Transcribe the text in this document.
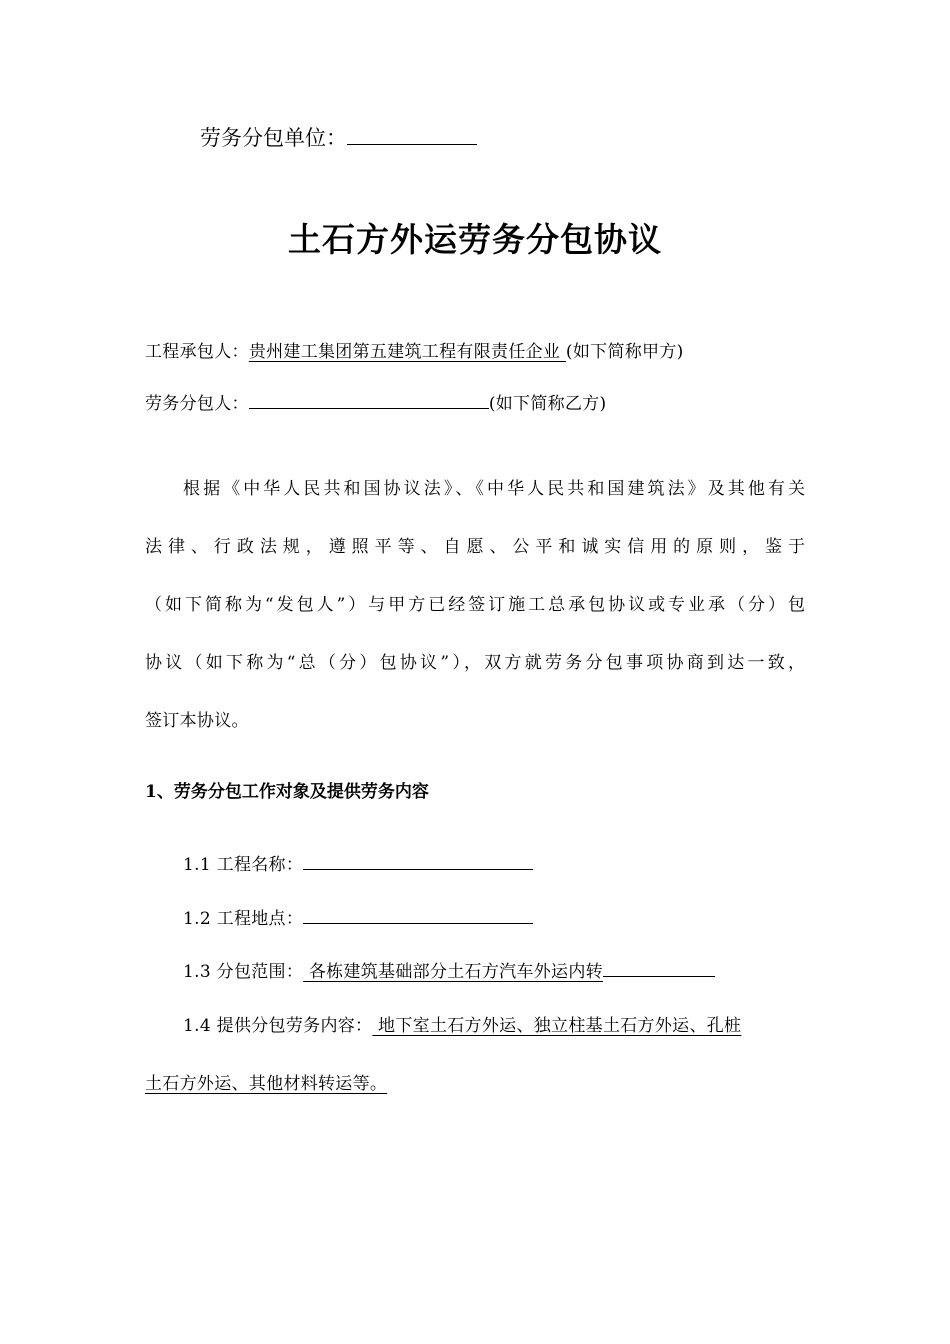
劳务分包单位：
土石方外运劳务分包协议
工程承包人：贵州建工集团第五建筑工程有限责任企业 (如下简称甲方)
劳务分包人：	(如下简称乙方)
根据《中华人民共和国协议法》、《中华人民共和国建筑法》及其他有关
法律、行政法规，遵照平等、自愿、公平和诚实信用的原则，鉴于
（如下简称为“发包人”）与甲方已经签订施工总承包协议或专业承（分）包
协议（如下称为“总（分）包协议”），双方就劳务分包事项协商到达一致，
签订本协议。
1、劳务分包工作对象及提供劳务内容
1.1 工程名称：
1.2 工程地点：
1.3 分包范围： 各栋建筑基础部分土石方汽车外运内转
1.4 提供分包劳务内容： 地下室土石方外运、独立柱基土石方外运、孔桩
土石方外运、其他材料转运等。
